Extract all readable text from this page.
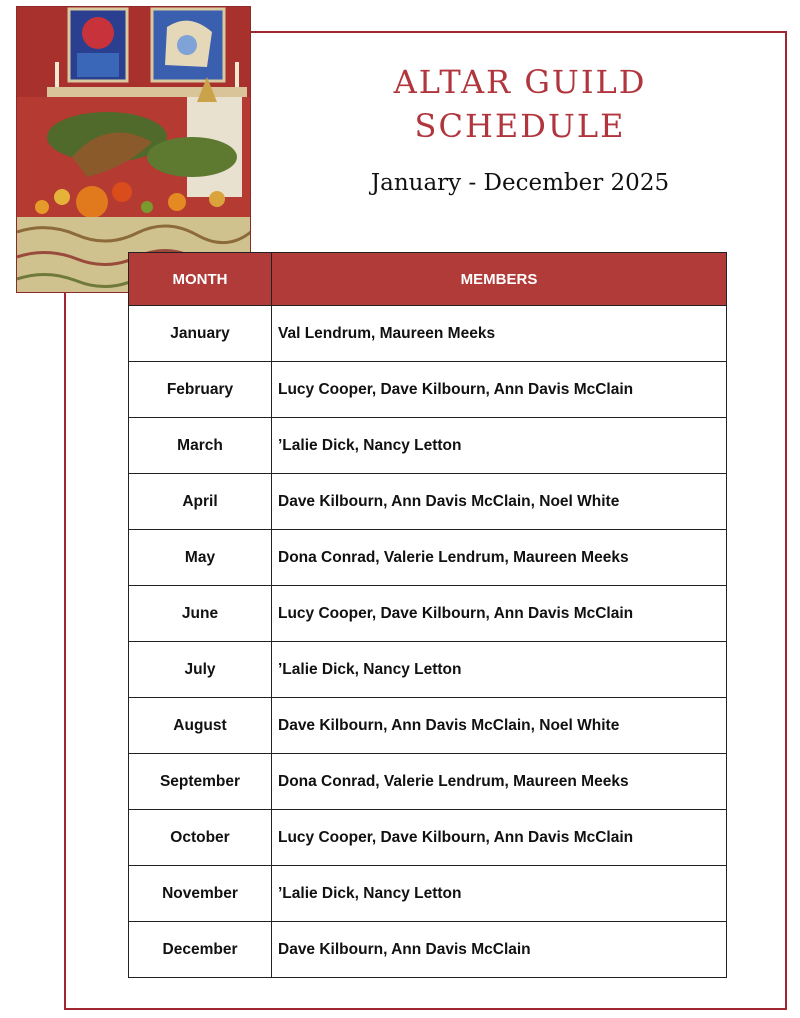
ALTAR GUILD
SCHEDULE
January - December 2025
MONTH	MEMBERS
January	Val Lendrum, Maureen Meeks
February	Lucy Cooper, Dave Kilbourn, Ann Davis McClain
March	’Lalie Dick, Nancy Letton
April	Dave Kilbourn, Ann Davis McClain, Noel White
May	Dona Conrad, Valerie Lendrum, Maureen Meeks
June	Lucy Cooper, Dave Kilbourn, Ann Davis McClain
July	’Lalie Dick, Nancy Letton
August	Dave Kilbourn, Ann Davis McClain, Noel White
September	Dona Conrad, Valerie Lendrum, Maureen Meeks
October	Lucy Cooper, Dave Kilbourn, Ann Davis McClain
November	’Lalie Dick, Nancy Letton
December	Dave Kilbourn, Ann Davis McClain
